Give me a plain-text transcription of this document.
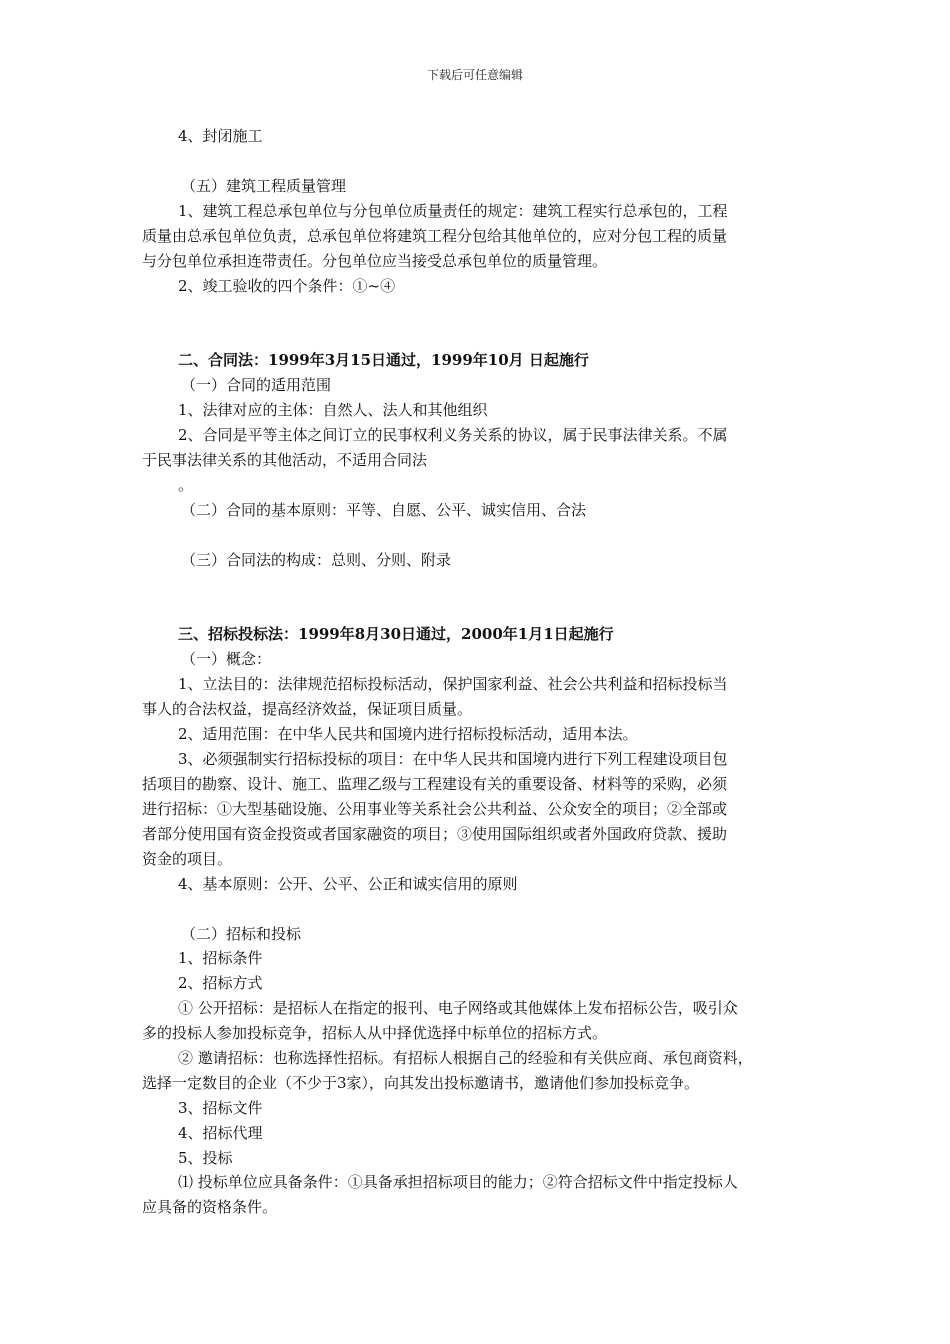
下载后可任意编辑
4、封闭施工
（五）建筑工程质量管理
1、建筑工程总承包单位与分包单位质量责任的规定：建筑工程实行总承包的，工程
质量由总承包单位负责，总承包单位将建筑工程分包给其他单位的，应对分包工程的质量
与分包单位承担连带责任。分包单位应当接受总承包单位的质量管理。
2、竣工验收的四个条件：①~④
二、合同法：1999年3月15日通过，1999年10月 日起施行
（一）合同的适用范围
1、法律对应的主体：自然人、法人和其他组织
2、合同是平等主体之间订立的民事权利义务关系的协议，属于民事法律关系。不属
于民事法律关系的其他活动，不适用合同法
。
（二）合同的基本原则：平等、自愿、公平、诚实信用、合法
（三）合同法的构成：总则、分则、附录
三、招标投标法：1999年8月30日通过，2000年1月1日起施行
（一）概念：
1、立法目的：法律规范招标投标活动，保护国家利益、社会公共利益和招标投标当
事人的合法权益，提高经济效益，保证项目质量。
2、适用范围：在中华人民共和国境内进行招标投标活动，适用本法。
3、必须强制实行招标投标的项目：在中华人民共和国境内进行下列工程建设项目包
括项目的勘察、设计、施工、监理乙级与工程建设有关的重要设备、材料等的采购，必须
进行招标：①大型基础设施、公用事业等关系社会公共利益、公众安全的项目；②全部或
者部分使用国有资金投资或者国家融资的项目；③使用国际组织或者外国政府贷款、援助
资金的项目。
4、基本原则：公开、公平、公正和诚实信用的原则
（二）招标和投标
1、招标条件
2、招标方式
① 公开招标：是招标人在指定的报刊、电子网络或其他媒体上发布招标公告，吸引众
多的投标人参加投标竞争，招标人从中择优选择中标单位的招标方式。
② 邀请招标：也称选择性招标。有招标人根据自己的经验和有关供应商、承包商资料，
选择一定数目的企业（不少于3家），向其发出投标邀请书，邀请他们参加投标竞争。
3、招标文件
4、招标代理
5、投标
⑴ 投标单位应具备条件：①具备承担招标项目的能力；②符合招标文件中指定投标人
应具备的资格条件。
